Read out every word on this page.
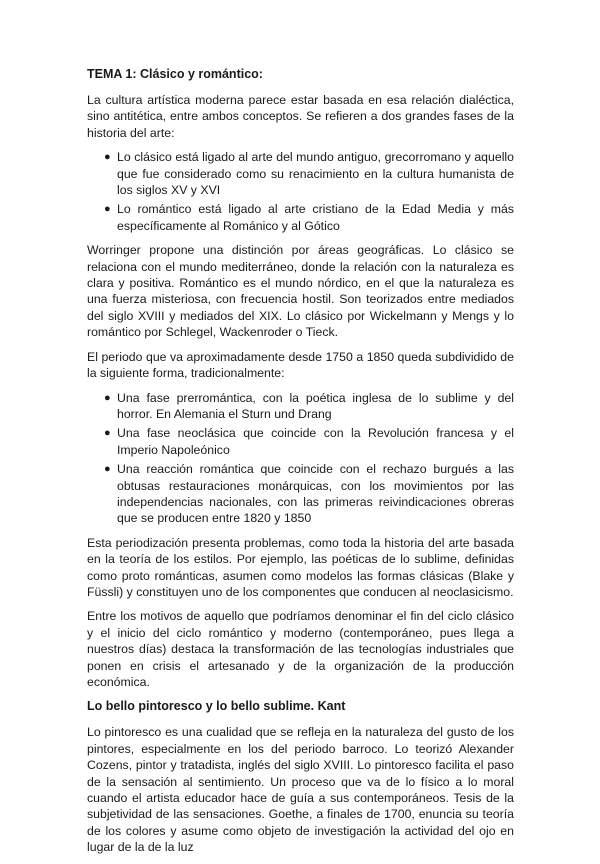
TEMA 1: Clásico y romántico:

La cultura artística moderna parece estar basada en esa relación dialéctica, sino antitética, entre ambos conceptos. Se refieren a dos grandes fases de la historia del arte:

● Lo clásico está ligado al arte del mundo antiguo, grecorromano y aquello que fue considerado como su renacimiento en la cultura humanista de los siglos XV y XVI
● Lo romántico está ligado al arte cristiano de la Edad Media y más específicamente al Románico y al Gótico

Worringer propone una distinción por áreas geográficas. Lo clásico se relaciona con el mundo mediterráneo, donde la relación con la naturaleza es clara y positiva. Romántico es el mundo nórdico, en el que la naturaleza es una fuerza misteriosa, con frecuencia hostil. Son teorizados entre mediados del siglo XVIII y mediados del XIX. Lo clásico por Wickelmann y Mengs y lo romántico por Schlegel, Wackenroder o Tieck.

El periodo que va aproximadamente desde 1750 a 1850 queda subdividido de la siguiente forma, tradicionalmente:

● Una fase prerromántica, con la poética inglesa de lo sublime y del horror. En Alemania el Sturn und Drang
● Una fase neoclásica que coincide con la Revolución francesa y el Imperio Napoleónico
● Una reacción romántica que coincide con el rechazo burgués a las obtusas restauraciones monárquicas, con los movimientos por las independencias nacionales, con las primeras reivindicaciones obreras que se producen entre 1820 y 1850

Esta periodización presenta problemas, como toda la historia del arte basada en la teoría de los estilos. Por ejemplo, las poéticas de lo sublime, definidas como proto románticas, asumen como modelos las formas clásicas (Blake y Füssli) y constituyen uno de los componentes que conducen al neoclasicismo.

Entre los motivos de aquello que podríamos denominar el fin del ciclo clásico y el inicio del ciclo romántico y moderno (contemporáneo, pues llega a nuestros días) destaca la transformación de las tecnologías industriales que ponen en crisis el artesanado y de la organización de la producción económica.

Lo bello pintoresco y lo bello sublime. Kant

Lo pintoresco es una cualidad que se refleja en la naturaleza del gusto de los pintores, especialmente en los del periodo barroco. Lo teorizó Alexander Cozens, pintor y tratadista, inglés del siglo XVIII. Lo pintoresco facilita el paso de la sensación al sentimiento. Un proceso que va de lo físico a lo moral cuando el artista educador hace de guía a sus contemporáneos. Tesis de la subjetividad de las sensaciones. Goethe, a finales de 1700, enuncia su teoría de los colores y asume como objeto de investigación la actividad del ojo en lugar de la de la luz
